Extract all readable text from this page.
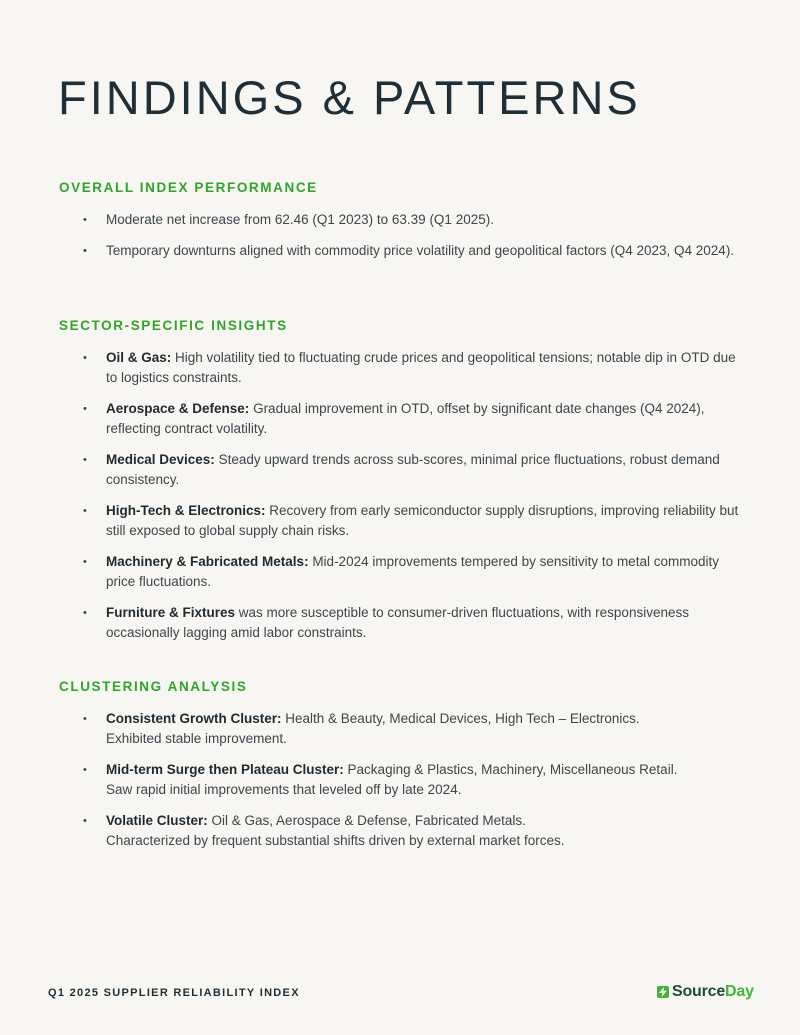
FINDINGS & PATTERNS
OVERALL INDEX PERFORMANCE
• Moderate net increase from 62.46 (Q1 2023) to 63.39 (Q1 2025).
• Temporary downturns aligned with commodity price volatility and geopolitical factors (Q4 2023, Q4 2024).
SECTOR-SPECIFIC INSIGHTS
• Oil & Gas: High volatility tied to fluctuating crude prices and geopolitical tensions; notable dip in OTD due to logistics constraints.
• Aerospace & Defense: Gradual improvement in OTD, offset by significant date changes (Q4 2024), reflecting contract volatility.
• Medical Devices: Steady upward trends across sub-scores, minimal price fluctuations, robust demand consistency.
• High-Tech & Electronics: Recovery from early semiconductor supply disruptions, improving reliability but still exposed to global supply chain risks.
• Machinery & Fabricated Metals: Mid-2024 improvements tempered by sensitivity to metal commodity price fluctuations.
• Furniture & Fixtures was more susceptible to consumer-driven fluctuations, with responsiveness occasionally lagging amid labor constraints.
CLUSTERING ANALYSIS
• Consistent Growth Cluster: Health & Beauty, Medical Devices, High Tech – Electronics.
Exhibited stable improvement.
• Mid-term Surge then Plateau Cluster: Packaging & Plastics, Machinery, Miscellaneous Retail.
Saw rapid initial improvements that leveled off by late 2024.
• Volatile Cluster: Oil & Gas, Aerospace & Defense, Fabricated Metals.
Characterized by frequent substantial shifts driven by external market forces.
Q1 2025 SUPPLIER RELIABILITY INDEX	SourceDay
